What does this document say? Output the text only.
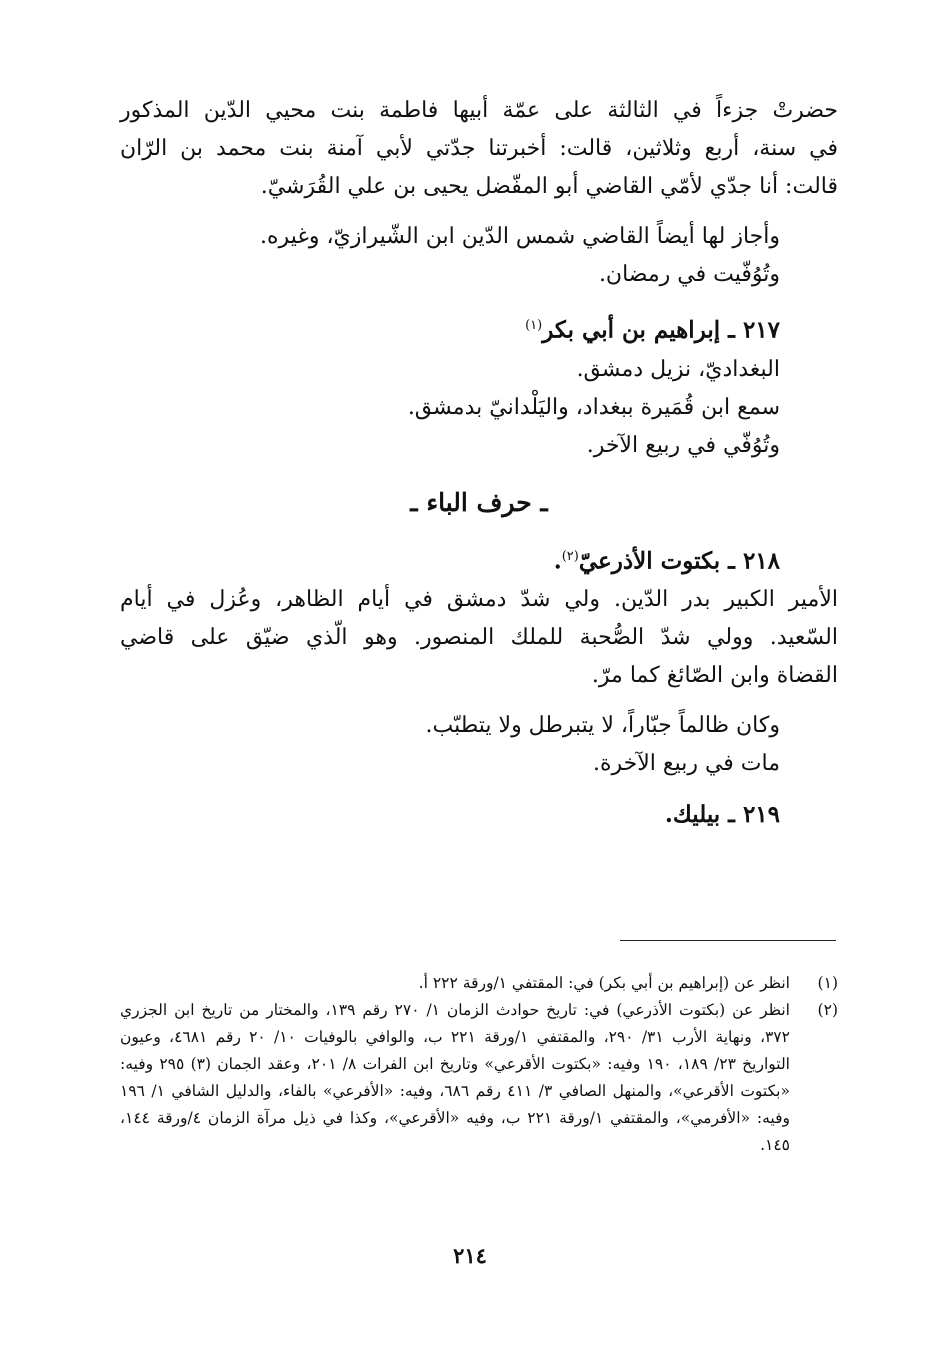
حضرتْ جزءاً في الثالثة على عمّة أبيها فاطمة بنت محيي الدّين المذكور

في سنة، أربع وثلاثين، قالت: أخبرتنا جدّتي لأبي آمنة بنت محمد بن الرّان

قالت: أنا جدّي لأمّي القاضي أبو المفّضل يحيى بن علي القُرَشيّ.

وأجاز لها أيضاً القاضي شمس الدّين ابن الشّيرازيّ، وغيره.

وتُوُفّيت في رمضان.

٢١٧ ـ إبراهيم بن أبي بكر$^{(١)}$

البغداديّ، نزيل دمشق.

سمع ابن قُمَيرة ببغداد، واليَلْدانيّ بدمشق.

وتُوُفّي في ربيع الآخر.

ـ حرف الباء ـ

٢١٨ ـ بكتوت الأذرعيّ$^{(٢)}$.

الأمير الكبير بدر الدّين. ولي شدّ دمشق في أيام الظاهر، وعُزل في أيام

السّعيد. وولي شدّ الصُّحبة للملك المنصور. وهو الّذي ضيّق على قاضي

القضاة وابن الصّائغ كما مرّ.

وكان ظالماً جبّاراً، لا يتبرطل ولا يتطبّب.

مات في ربيع الآخرة.

٢١٩ ـ بيليك.

(١)
انظر عن (إبراهيم بن أبي بكر) في: المقتفي ١/ورقة ٢٢٢ أ.
(٢)
انظر عن (بكتوت الأذرعي) في: تاريخ حوادث الزمان ١/ ٢٧٠ رقم ١٣٩، والمختار من تاريخ ابن الجزري ٣٧٢، ونهاية الأرب ٣١/ ٢٩٠، والمقتفي ١/ورقة ٢٢١ ب، والوافي بالوفيات ١٠/ ٢٠ رقم ٤٦٨١، وعيون التواريخ ٢٣/ ١٨٩، ١٩٠ وفيه: «بكتوت الأقرعي» وتاريخ ابن الفرات ٨/ ٢٠١، وعقد الجمان (٣) ٢٩٥ وفيه: «بكتوت الأقرعي»، والمنهل الصافي ٣/ ٤١١ رقم ٦٨٦، وفيه: «الأفرعي» بالفاء، والدليل الشافي ١/ ١٩٦ وفيه: «الأفرمي»، والمقتفي ١/ورقة ٢٢١ ب، وفيه «الأقرعي»، وكذا في ذيل مرآة الزمان ٤/ورقة ١٤٤، ١٤٥.
٢١٤
